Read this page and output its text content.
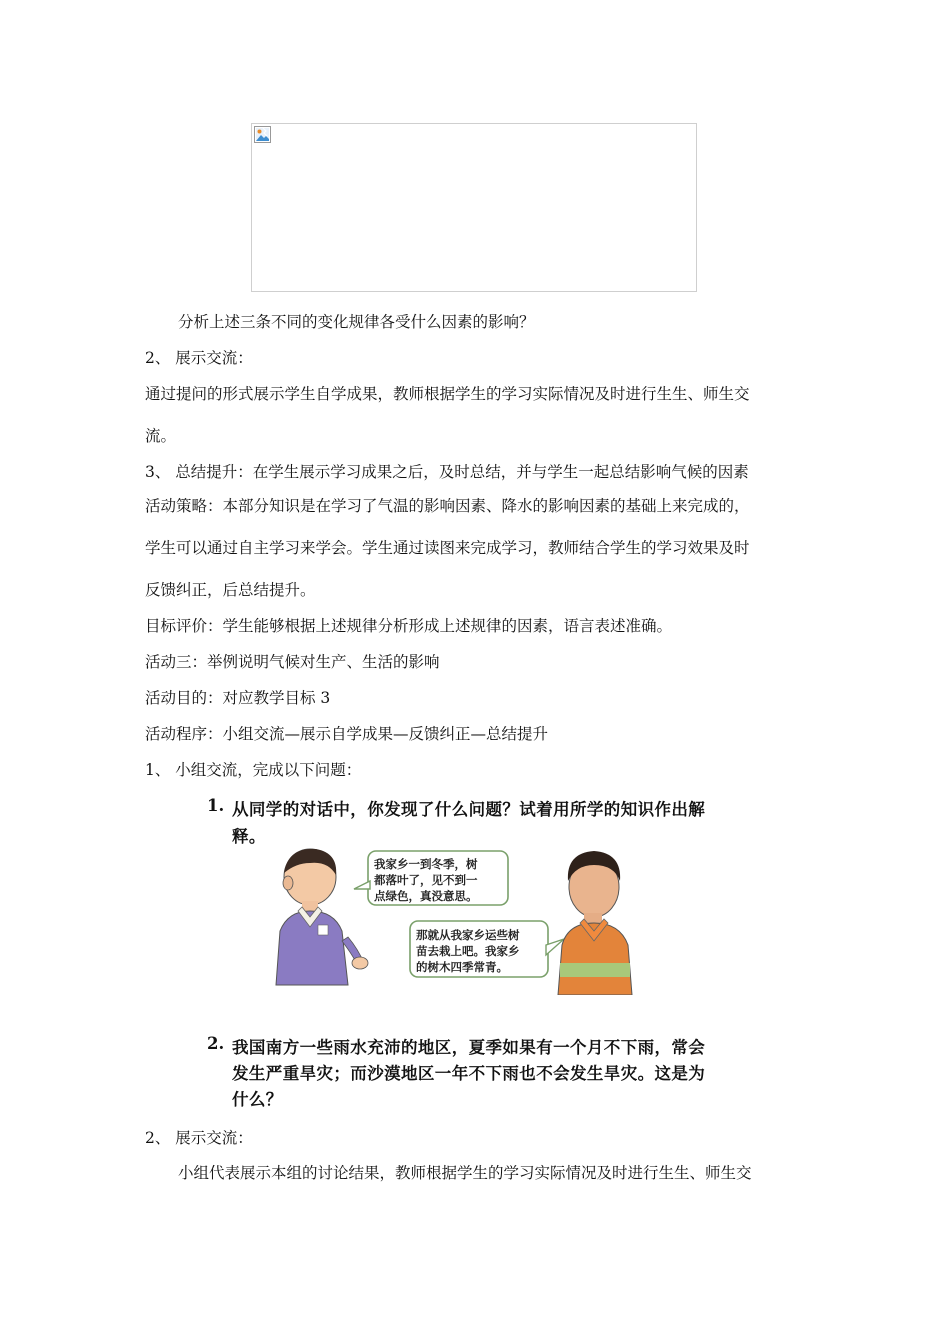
分析上述三条不同的变化规律各受什么因素的影响？
2、 展示交流：
通过提问的形式展示学生自学成果，教师根据学生的学习实际情况及时进行生生、师生交
流。
3、 总结提升：在学生展示学习成果之后，及时总结，并与学生一起总结影响气候的因素
活动策略：本部分知识是在学习了气温的影响因素、降水的影响因素的基础上来完成的，
学生可以通过自主学习来学会。学生通过读图来完成学习，教师结合学生的学习效果及时
反馈纠正，后总结提升。
目标评价：学生能够根据上述规律分析形成上述规律的因素，语言表述准确。
活动三：举例说明气候对生产、生活的影响
活动目的：对应教学目标 3
活动程序：小组交流—展示自学成果—反馈纠正—总结提升
1、 小组交流，完成以下问题：
1. 从同学的对话中，你发现了什么问题？试着用所学的知识作出解
释。
我家乡一到冬季，树
都落叶了，见不到一
点绿色，真没意思。
那就从我家乡运些树
苗去栽上吧。我家乡
的树木四季常青。
2. 我国南方一些雨水充沛的地区，夏季如果有一个月不下雨，常会
发生严重旱灾；而沙漠地区一年不下雨也不会发生旱灾。这是为
什么？
2、 展示交流：
小组代表展示本组的讨论结果，教师根据学生的学习实际情况及时进行生生、师生交
